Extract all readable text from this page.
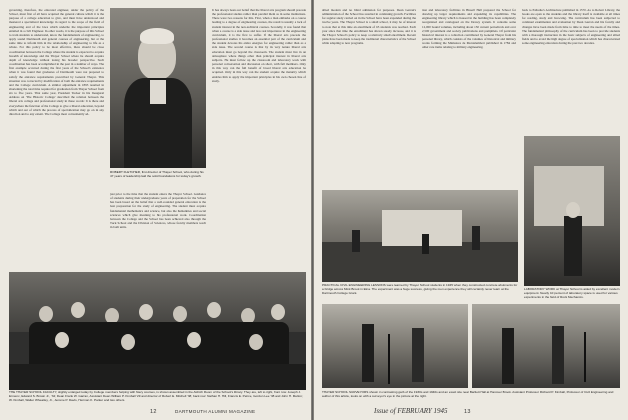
governing, therefore, the educated engineer, under the policy of the School, must first of all have acquired the general culture which it is the purpose of a college education to give, and must have understood and mastered a specialized knowledge in regard to the scope of the field of engineering and of the laws which underlie the important principles entailed in a civil Engineer. In other words, it is the purpose of this School to train students to understand, know the fundamentals of engineering, to apply sound Dartmouth and general courses of engineering, but at the same time to inform him in the relationship of engineering to life as a whole. For this policy to be most effective, there should be close coordination between the College where the student is expected to acquire breadth of knowledge and the Thayer School where he should acquire depth of knowledge without losing his broader perspective. Such coordination has been accomplished in the past in a number of ways. The first example occurred during the first years of the School's existence when it was found that graduates of Dartmouth were not prepared to satisfy the entrance requirements prescribed by General Thayer. This situation was corrected by modification of both the entrance requirements and the College curriculum. A similar adjustment in 1893 resulted in shortening the total time required for graduation from Thayer School from six to five years. That same year, President Tucker in his Inaugural Address on 'The Historic College' described the relation between the liberal arts college and professional study in these words: It is there and everywhere the function of the College to give a liberal education, beyond which and out of which the process of specialization may go on in any direction and to any extent. The College most conveniently ad-
ROBERT FLETCHER, first director of Thayer School, who during his 47 years of leadership laid the solid foundations for today's growth.
It has always been our belief that the liberal arts program should precede the professional studies rather than parallel them as in some institutions. There were two reasons for this. First, when a man embarks on a course leading to a degree of engineering courses, the result is usually a lack of student interest in the non-technical courses. Secondly, it was found that when a course is a side issue and less real importance in the engineering curriculum, it is the first to suffer. If the liberal arts precede the professional studies it becomes an essential part of the curriculum and the student devotes his entire energies for engineering rather than as a side issue. The second course is that by its very nature liberal arts education must go beyond the classroom. The student must live in an atmosphere where things other than principal interest in liberal arts subjects. He must follow up the classroom and laboratory work with personal conversation and discussion on short, with full members. Only in this way can the full benefit of broad liberal arts education be acquired. Only in this way can the student acquire the maturity which enables him to apply the important principles in his own chosen line of study.
just prior to the time that the student enters the Thayer School. Guidance of students during their undergraduate years of preparation for the School has been based on the belief that a well-rounded general education is the best preparation for the study of engineering. The student must acquire fundamental mathematics and science, but also the humanities and social sciences which give meaning to his professional work. Coordination between the College and the School has been achieved also through the Tuck School and the Division of Sciences, whose faculty members teach in both units.
THE THAYER SCHOOL FACULTY, slightly enlarged today by College members helping with Navy courses, is shown assembled in the Aldrich Room of the School's library. They are, left to right, front row: Joseph J. Ermenc, Edward S. Brown Jr., '34; Dean Frank W. Garran, Assistant Dean William P. Kimball '29 and director of Robert E. Mitchell '38; back row: Nathan H. Hill, Francis E. Peirce, Gordon Lee '38 and John H. Mellon; W. Kimball, Walter Wheatley, Jr., Jerome P. Davis, Herman K. Parker and two others.
12	DARTMOUTH ALUMNI MAGAZINE
allied modern and no blind admission for purposes. Dean Garran's administration of the School has resulted in continuing growth. Facilities for regular study carried on in the School have been expanded during the twelve years. The Thayer School is a small school, it may be of interest to note that at this time an enrollment of 65 students was reached. Each year since that time the enrollment has shown steady increase, and it is the Thayer School's policy to keep a relatively small enrollment. Recent plans have been made to keep the traditional characteristics of the School while adapting to new programs.
tion and laboratory facilities in Bissell Hall prepared the School for drawing up larger requirements and expanding its capabilities. The engineering library which is housed in the building has been completely reorganized and catalogued on the Dewey system. It contains some 12,000 bound volumes, including about 150 current periodicals and over 2,500 government and society publications and pamphlets. Of particular historical interest is a collection contributed by General Thayer from his personal library, which consists of the volumes of historical and military works forming the Mémoires de Montalembert published in 1784 and other rare items relating to military engineering.
back to Palladio's Architecture published in 1570. As to Robert Library, the books are open to the students and the library itself is available at all times for reading, study and browsing. The curriculum has been subjected to continual examination and evaluation by Dean Garran and his faculty and changes have been made from time to time to meet the needs of the times. The fundamental philosophy of the curriculum has been to provide students with a thorough instruction in the basic subjects of engineering and allied fields and to avoid the high degree of specialization which has characterized some engineering education during the past two decades.
PRACTICAL CIVIL ENGINEERING LESSONS were learned by Thayer School students in 1945 when they constructed concrete abutments for a bridge across Mink Brook in Etna. The experiment was a huge success, giving the men experience they will certainly never learn at the Dartmouth College Grant.
LABORATORY WORK at Thayer School is aided by excellent modern equipment. Nearly 10 percent of laboratory space is used for various experiments in the field of Rock Mechanics.
THAYER SCHOOL SURVEYORS shown in contrasting garb of the 1930s and 1940s and an exact site near Bartlett Hall at Hanover Brook. Assistant Professor Richard P. Kimball, Professor of Civil Engineering and author of this article, looks on with a surveyor's eye in the picture at the right.
Issue of FEBRUARY 1945	13
